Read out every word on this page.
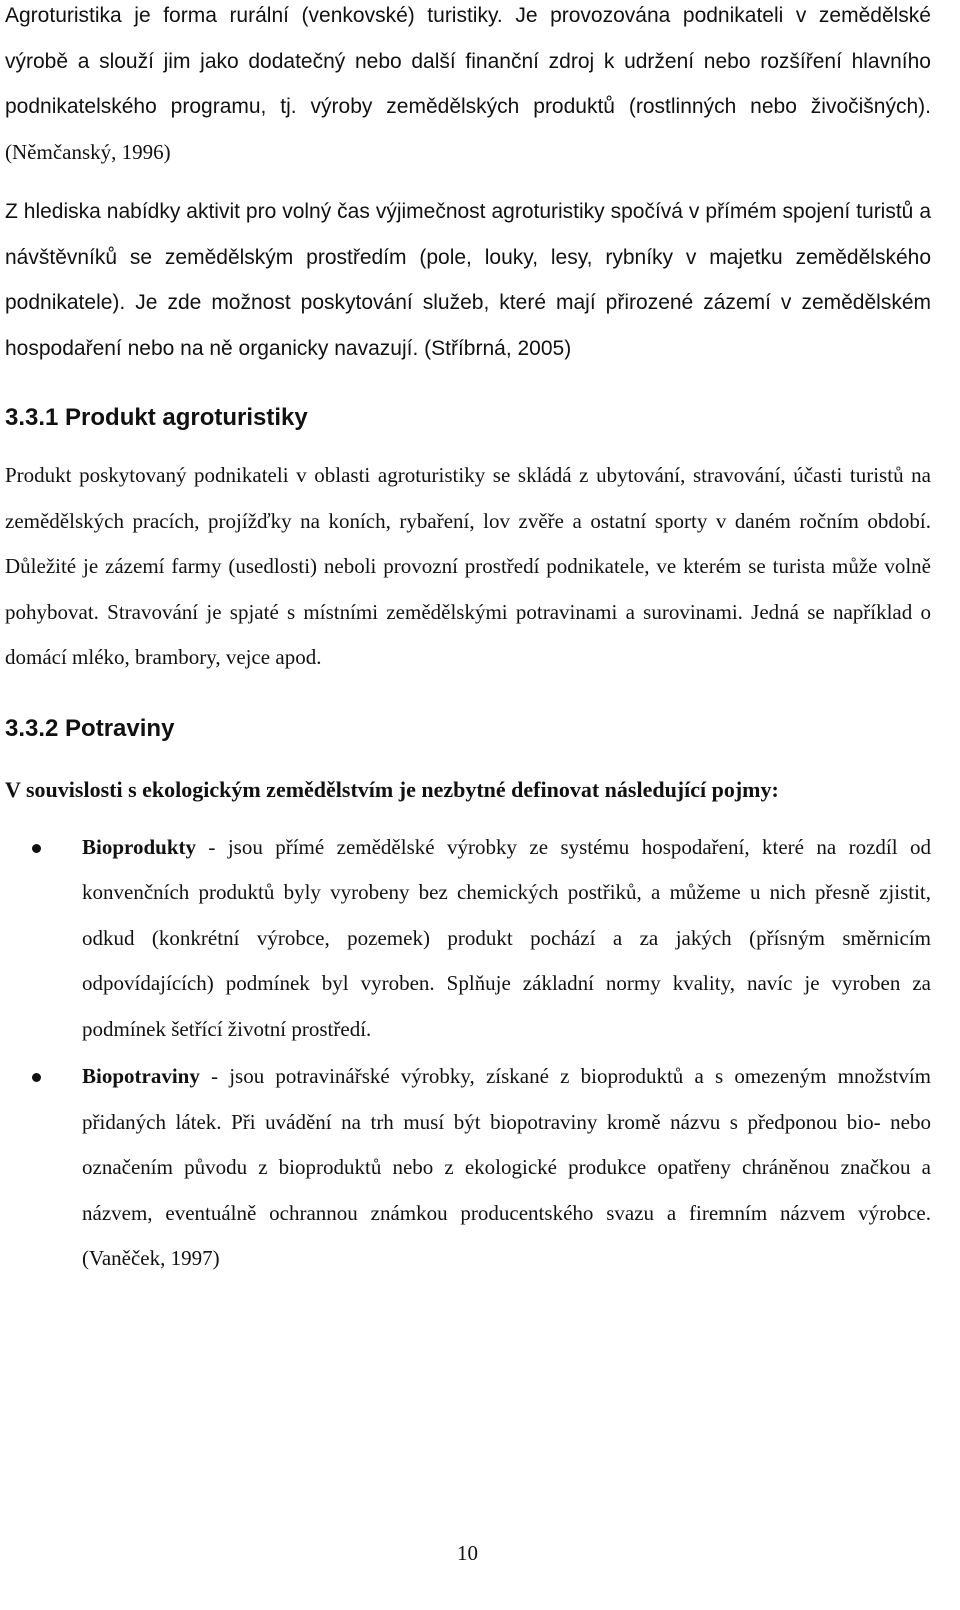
Agroturistika je forma rurální (venkovské) turistiky. Je provozována podnikateli v zemědělské výrobě a slouží jim jako dodatečný nebo další finanční zdroj k udržení nebo rozšíření hlavního podnikatelského programu, tj. výroby zemědělských produktů (rostlinných nebo živočišných). (Němčanský, 1996)

Z hlediska nabídky aktivit pro volný čas výjimečnost agroturistiky spočívá v přímém spojení turistů a návštěvníků se zemědělským prostředím (pole, louky, lesy, rybníky v majetku zemědělského podnikatele). Je zde možnost poskytování služeb, které mají přirozené zázemí v zemědělském hospodaření nebo na ně organicky navazují. (Stříbrná, 2005)

3.3.1 Produkt agroturistiky

Produkt poskytovaný podnikateli v oblasti agroturistiky se skládá z ubytování, stravování, účasti turistů na zemědělských pracích, projížďky na koních, rybaření, lov zvěře a ostatní sporty v daném ročním období. Důležité je zázemí farmy (usedlosti) neboli provozní prostředí podnikatele, ve kterém se turista může volně pohybovat. Stravování je spjaté s místními zemědělskými potravinami a surovinami. Jedná se například o domácí mléko, brambory, vejce apod.

3.3.2 Potraviny

V souvislosti s ekologickým zemědělstvím je nezbytné definovat následující pojmy:

Bioprodukty - jsou přímé zemědělské výrobky ze systému hospodaření, které na rozdíl od konvenčních produktů byly vyrobeny bez chemických postřiků, a můžeme u nich přesně zjistit, odkud (konkrétní výrobce, pozemek) produkt pochází a za jakých (přísným směrnicím odpovídajících) podmínek byl vyroben. Splňuje základní normy kvality, navíc je vyroben za podmínek šetřící životní prostředí.
Biopotraviny - jsou potravinářské výrobky, získané z bioproduktů a s omezeným množstvím přidaných látek. Při uvádění na trh musí být biopotraviny kromě názvu s předponou bio- nebo označením původu z bioproduktů nebo z ekologické produkce opatřeny chráněnou značkou a názvem, eventuálně ochrannou známkou producentského svazu a firemním názvem výrobce. (Vaněček, 1997)
10
